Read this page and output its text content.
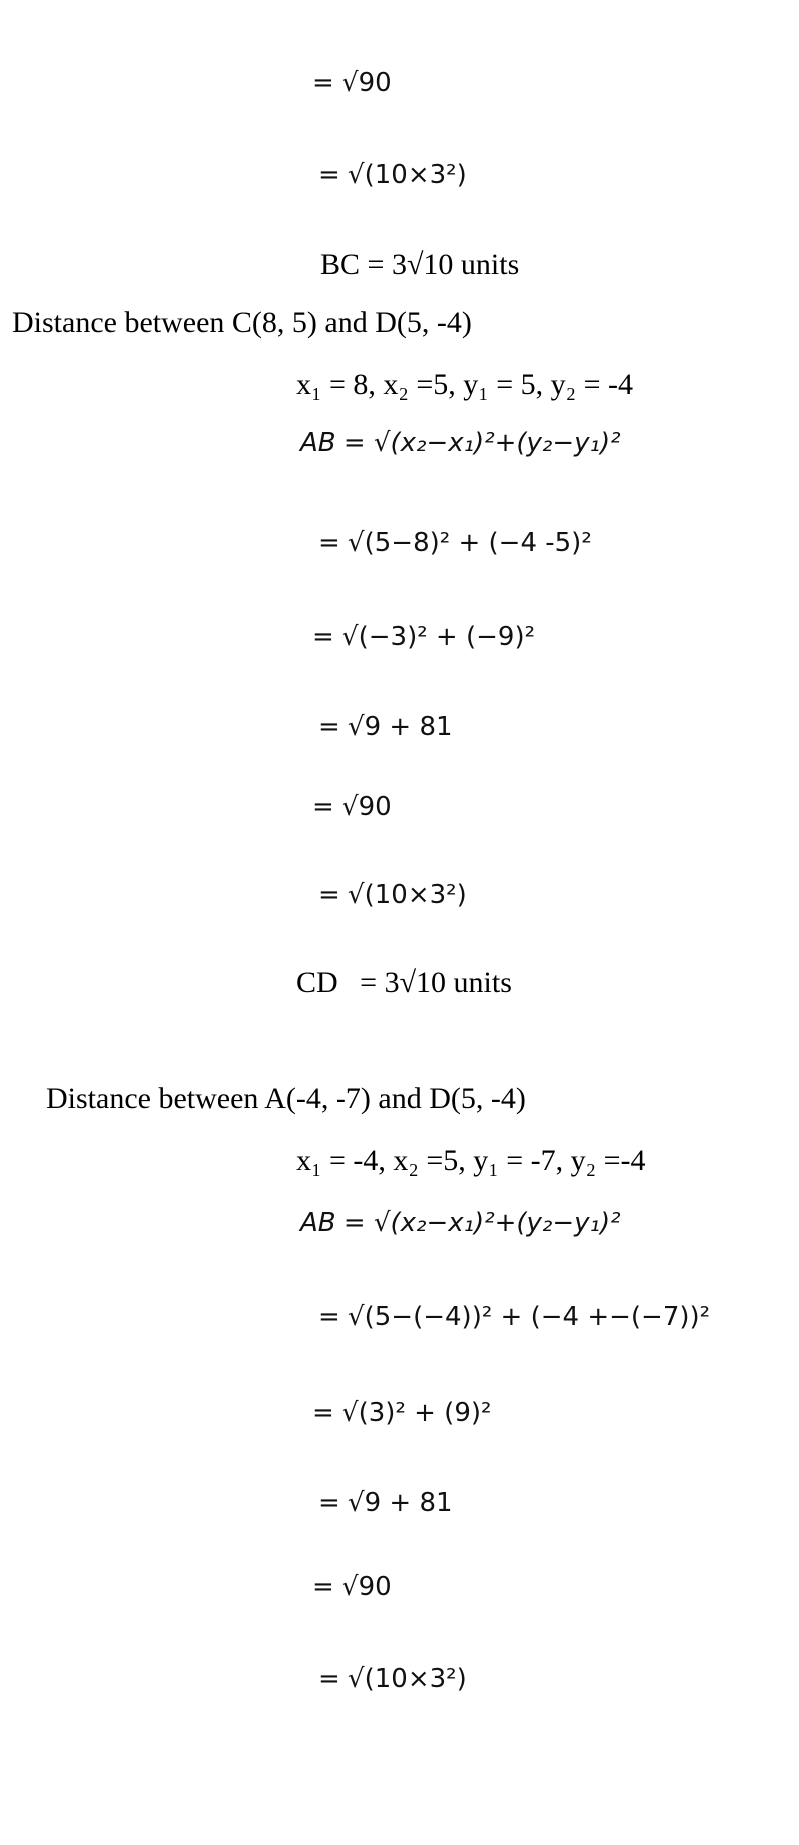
= √90
= √(10×3²)
BC = 3√10 units
Distance between C(8, 5) and D(5, -4)
x₁ = 8, x₂ =5, y₁ = 5, y₂ = -4
AB = √(x₂−x₁)²+(y₂−y₁)²
= √(5−8)² + (−4 -5)²
= √(−3)² + (−9)²
= √9 + 81
= √90
= √(10×3²)
CD   = 3√10 units
Distance between A(-4, -7) and D(5, -4)
x₁ = -4, x₂ =5, y₁ = -7, y₂ =-4
AB = √(x₂−x₁)²+(y₂−y₁)²
= √(5−(−4))² + (−4 +−(−7))²
= √(3)² + (9)²
= √9 + 81
= √90
= √(10×3²)
